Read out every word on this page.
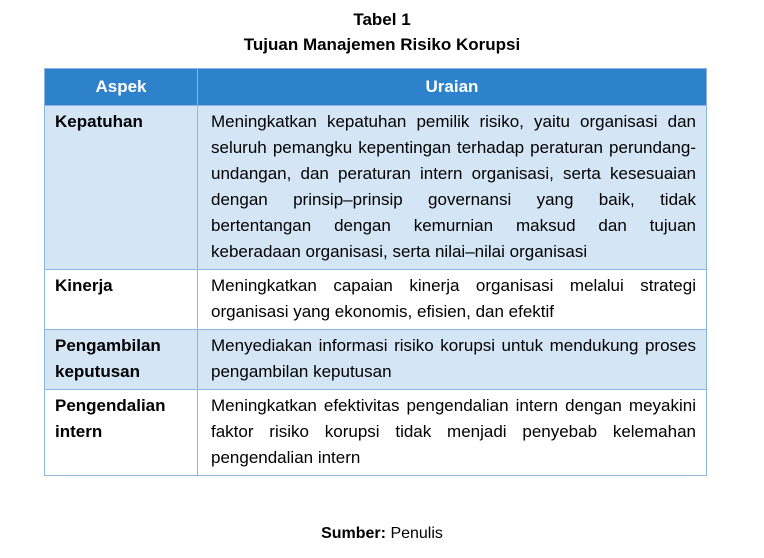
Tabel 1
Tujuan Manajemen Risiko Korupsi
Aspek	Uraian
Kepatuhan	Meningkatkan kepatuhan pemilik risiko, yaitu organisasi dan seluruh pemangku kepentingan terhadap peraturan perundang-undangan, dan peraturan intern organisasi, serta kesesuaian dengan prinsip–prinsip governansi yang baik, tidak bertentangan dengan kemurnian maksud dan tujuan keberadaan organisasi, serta nilai–nilai organisasi
Kinerja	Meningkatkan capaian kinerja organisasi melalui strategi organisasi yang ekonomis, efisien, dan efektif
Pengambilan keputusan	Menyediakan informasi risiko korupsi untuk mendukung proses pengambilan keputusan
Pengendalian intern	Meningkatkan efektivitas pengendalian intern dengan meyakini faktor risiko korupsi tidak menjadi penyebab kelemahan pengendalian intern
Sumber: Penulis
